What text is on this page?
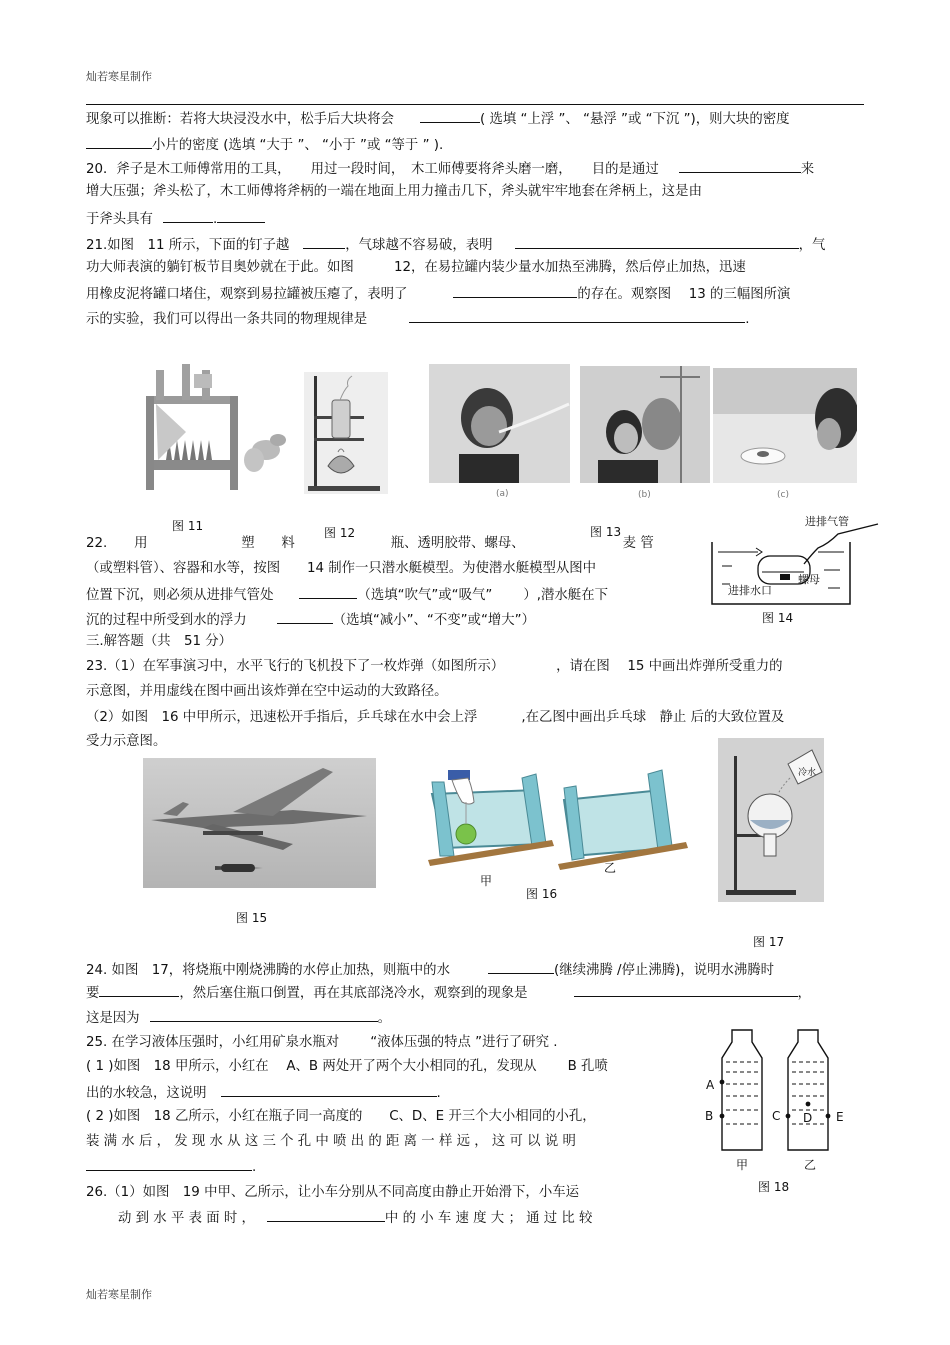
灿若寒星制作
现象可以推断：若将大块浸没水中，松手后大块将会	( 选填 “上浮 ”、 “悬浮 ”或 “下沉 ”)，则大块的密度
小片的密度 (选填 “大于 ”、 “小于 ”或 “等于 ” ).
20．斧子是木工师傅常用的工具，　　用过一段时间，　木工师傅要将斧头磨一磨，　　目的是通过	来
增大压强；斧头松了，木工师傅将斧柄的一端在地面上用力撞击几下，斧头就牢牢地套在斧柄上，这是由
于斧头具有	.
21.如图　11 所示，下面的钉子越	，气球越不容易破，表明	，气
功大师表演的躺钉板节目奥妙就在于此。如图　　　12，在易拉罐内装少量水加热至沸腾，然后停止加热，迅速
用橡皮泥将罐口堵住，观察到易拉罐被压瘪了，表明了	的存在。观察图　 13 的三幅图所演
示的实验，我们可以得出一条共同的物理规律是	.
图 11	图 12
(a)	(b)	(c)
图 13
22.　　用　　　　　　　塑　　料	瓶、透明胶带、螺母、	麦 管
（或塑料管）、容器和水等，按图　　14 制作一只潜水艇模型。为使潜水艇模型从图中
位置下沉，则必须从进排气管处	（选填“吹气”或“吸气”　　 ）,潜水艇在下
沉的过程中所受到水的浮力	（选填“减小”、“不变”或“增大”）
进排气管
进排水口
螺母
图 14
三.解答题（共　51 分）
23.（1）在军事演习中，水平飞行的飞机投下了一枚炸弹（如图所示）	，请在图　 15 中画出炸弹所受重力的
示意图，并用虚线在图中画出该炸弹在空中运动的大致路径。
（2）如图　16 中甲所示，迅速松开手指后，乒乓球在水中会上浮	,在乙图中画出乒乓球　静止 后的大致位置及
受力示意图。
图 15
甲
乙
图 16
冷水
图 17
24. 如图　17，将烧瓶中刚烧沸腾的水停止加热，则瓶中的水	(继续沸腾 /停止沸腾)，说明水沸腾时
要	，然后塞住瓶口倒置，再在其底部浇冷水，观察到的现象是	，
这是因为	。
25. 在学习液体压强时，小红用矿泉水瓶对　　 “液体压强的特点 ”进行了研究 .
( 1 )如图　18 甲所示，小红在　 A、B 两处开了两个大小相同的孔，发现从　　 B 孔喷
出的水较急，这说明	.
( 2 )如图　18 乙所示，小红在瓶子同一高度的　　C、D、E 开三个大小相同的小孔，
装 满 水 后 ， 发 现 水 从 这 三 个 孔 中 喷 出 的 距 离 一 样 远 ， 这 可 以 说 明
.
A
B	C D E
甲	乙
图 18
26.（1）如图　19 中甲、乙所示，让小车分别从不同高度由静止开始滑下，小车运
动 到 水 平 表 面 时 ，	中 的 小 车 速 度 大 ； 通 过 比 较
灿若寒星制作
